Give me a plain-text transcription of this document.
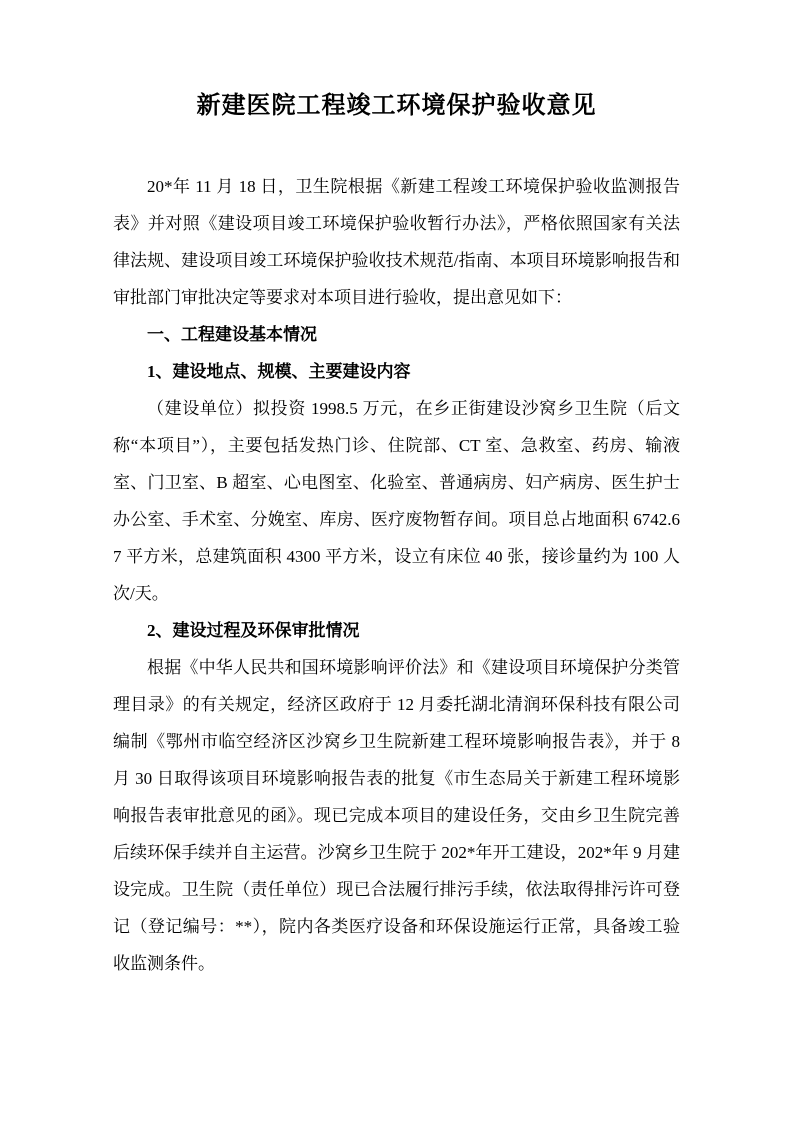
新建医院工程竣工环境保护验收意见

20*年 11 月 18 日，卫生院根据《新建工程竣工环境保护验收监测报告表》并对照《建设项目竣工环境保护验收暂行办法》，严格依照国家有关法律法规、建设项目竣工环境保护验收技术规范/指南、本项目环境影响报告和审批部门审批决定等要求对本项目进行验收，提出意见如下：

一、工程建设基本情况
1、建设地点、规模、主要建设内容

（建设单位）拟投资 1998.5 万元，在乡正街建设沙窝乡卫生院（后文称“本项目”），主要包括发热门诊、住院部、CT 室、急救室、药房、输液室、门卫室、B 超室、心电图室、化验室、普通病房、妇产病房、医生护士办公室、手术室、分娩室、库房、医疗废物暂存间。项目总占地面积 6742.67 平方米，总建筑面积 4300 平方米，设立有床位 40 张，接诊量约为 100 人次/天。

2、建设过程及环保审批情况

根据《中华人民共和国环境影响评价法》和《建设项目环境保护分类管理目录》的有关规定，经济区政府于 12 月委托湖北清润环保科技有限公司编制《鄂州市临空经济区沙窝乡卫生院新建工程环境影响报告表》，并于 8 月 30 日取得该项目环境影响报告表的批复《市生态局关于新建工程环境影响报告表审批意见的函》。现已完成本项目的建设任务，交由乡卫生院完善后续环保手续并自主运营。沙窝乡卫生院于 202*年开工建设，202*年 9 月建设完成。卫生院（责任单位）现已合法履行排污手续，依法取得排污许可登记（登记编号：**），院内各类医疗设备和环保设施运行正常，具备竣工验收监测条件。
